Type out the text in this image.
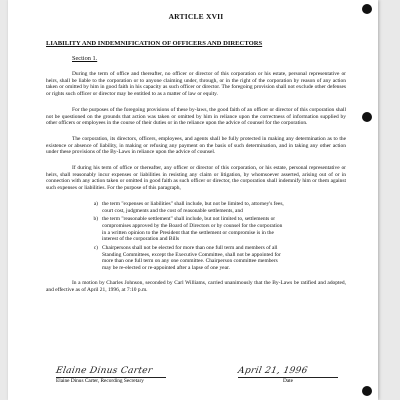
ARTICLE XVII
LIABILITY AND INDEMNIFICATION OF OFFICERS AND DIRECTORS
Section 1.

During the term of office and thereafter, no officer or director of this corporation or his estate, personal representative or heirs, shall be liable to the corporation or to anyone claiming under, through, or in the right of the corporation by reason of any action taken or omitted by him in good faith in his capacity as such officer or director. The foregoing provision shall not exclude other defenses or rights such officer or director may be entitled to as a matter of law or equity.

For the purposes of the foregoing provisions of these by-laws, the good faith of an officer or director of this corporation shall not be questioned on the grounds that action was taken or omitted by him in reliance upon the correctness of information supplied by other officers or employees in the course of their duties or in the reliance upon the advice of counsel for the corporation.

The corporation, its directors, officers, employees, and agents shall be fully protected in making any determination as to the existence or absence of liability, in making or refusing any payment on the basis of such determination, and in taking any other action under these provisions of the By-Laws in reliance upon the advice of counsel.

If during his term of office or thereafter, any officer or director of this corporation, or his estate, personal representative or heirs, shall reasonably incur expenses or liabilities in resisting any claim or litigation, by whomsoever asserted, arising out of or in connection with any action taken or omitted in good faith as such officer or director, the corporation shall indemnify him or them against such expenses or liabilities. For the purpose of this paragraph,

a) the term "expenses or liabilities" shall include, but not be limited to, attorney's fees, court cost, judgments and the cost of reasonable settlements, and
b) the term "reasonable settlement" shall include, but not limited to, settlements or compromises approved by the Board of Directors or by counsel for the corporation in a written opinion to the President that the settlement or compromise is in the interest of the corporation and Bills
c) Chairpersons shall not be elected for more than one full term and members of all Standing Committees, except the Executive Committee, shall not be appointed for more than one full term on any one committee. Chairperson committee members may be re-elected or re-appointed after a lapse of one year.

In a motion by Charles Johnson, seconded by Carl Williams, carried unanimously that the By-Laws be ratified and adopted, and effective as of April 21, 1996, at 7:10 p.m.

Elaine Dinus Carter
Elaine Dinus Carter, Recording Secretary
April 21, 1996
Date
